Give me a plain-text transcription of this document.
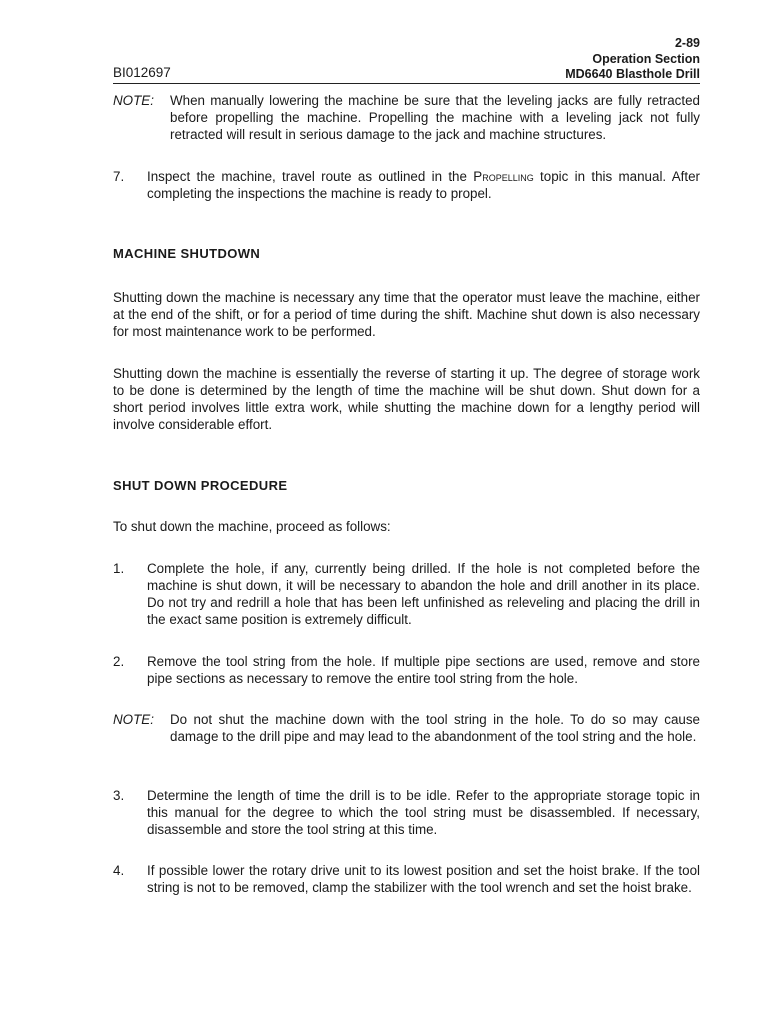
2-89
Operation Section
MD6640 Blasthole Drill
BI012697
NOTE: When manually lowering the machine be sure that the leveling jacks are fully retracted before propelling the machine. Propelling the machine with a leveling jack not fully retracted will result in serious damage to the jack and machine structures.
7. Inspect the machine, travel route as outlined in the Propelling topic in this manual. After completing the inspections the machine is ready to propel.
MACHINE SHUTDOWN
Shutting down the machine is necessary any time that the operator must leave the machine, either at the end of the shift, or for a period of time during the shift. Machine shut down is also necessary for most maintenance work to be performed.
Shutting down the machine is essentially the reverse of starting it up. The degree of storage work to be done is determined by the length of time the machine will be shut down. Shut down for a short period involves little extra work, while shutting the machine down for a lengthy period will involve considerable effort.
SHUT DOWN PROCEDURE
To shut down the machine, proceed as follows:
1. Complete the hole, if any, currently being drilled. If the hole is not completed before the machine is shut down, it will be necessary to abandon the hole and drill another in its place. Do not try and redrill a hole that has been left unfinished as releveling and placing the drill in the exact same position is extremely difficult.
2. Remove the tool string from the hole. If multiple pipe sections are used, remove and store pipe sections as necessary to remove the entire tool string from the hole.
NOTE: Do not shut the machine down with the tool string in the hole. To do so may cause damage to the drill pipe and may lead to the abandonment of the tool string and the hole.
3. Determine the length of time the drill is to be idle. Refer to the appropriate storage topic in this manual for the degree to which the tool string must be disassembled. If necessary, disassemble and store the tool string at this time.
4. If possible lower the rotary drive unit to its lowest position and set the hoist brake. If the tool string is not to be removed, clamp the stabilizer with the tool wrench and set the hoist brake.
